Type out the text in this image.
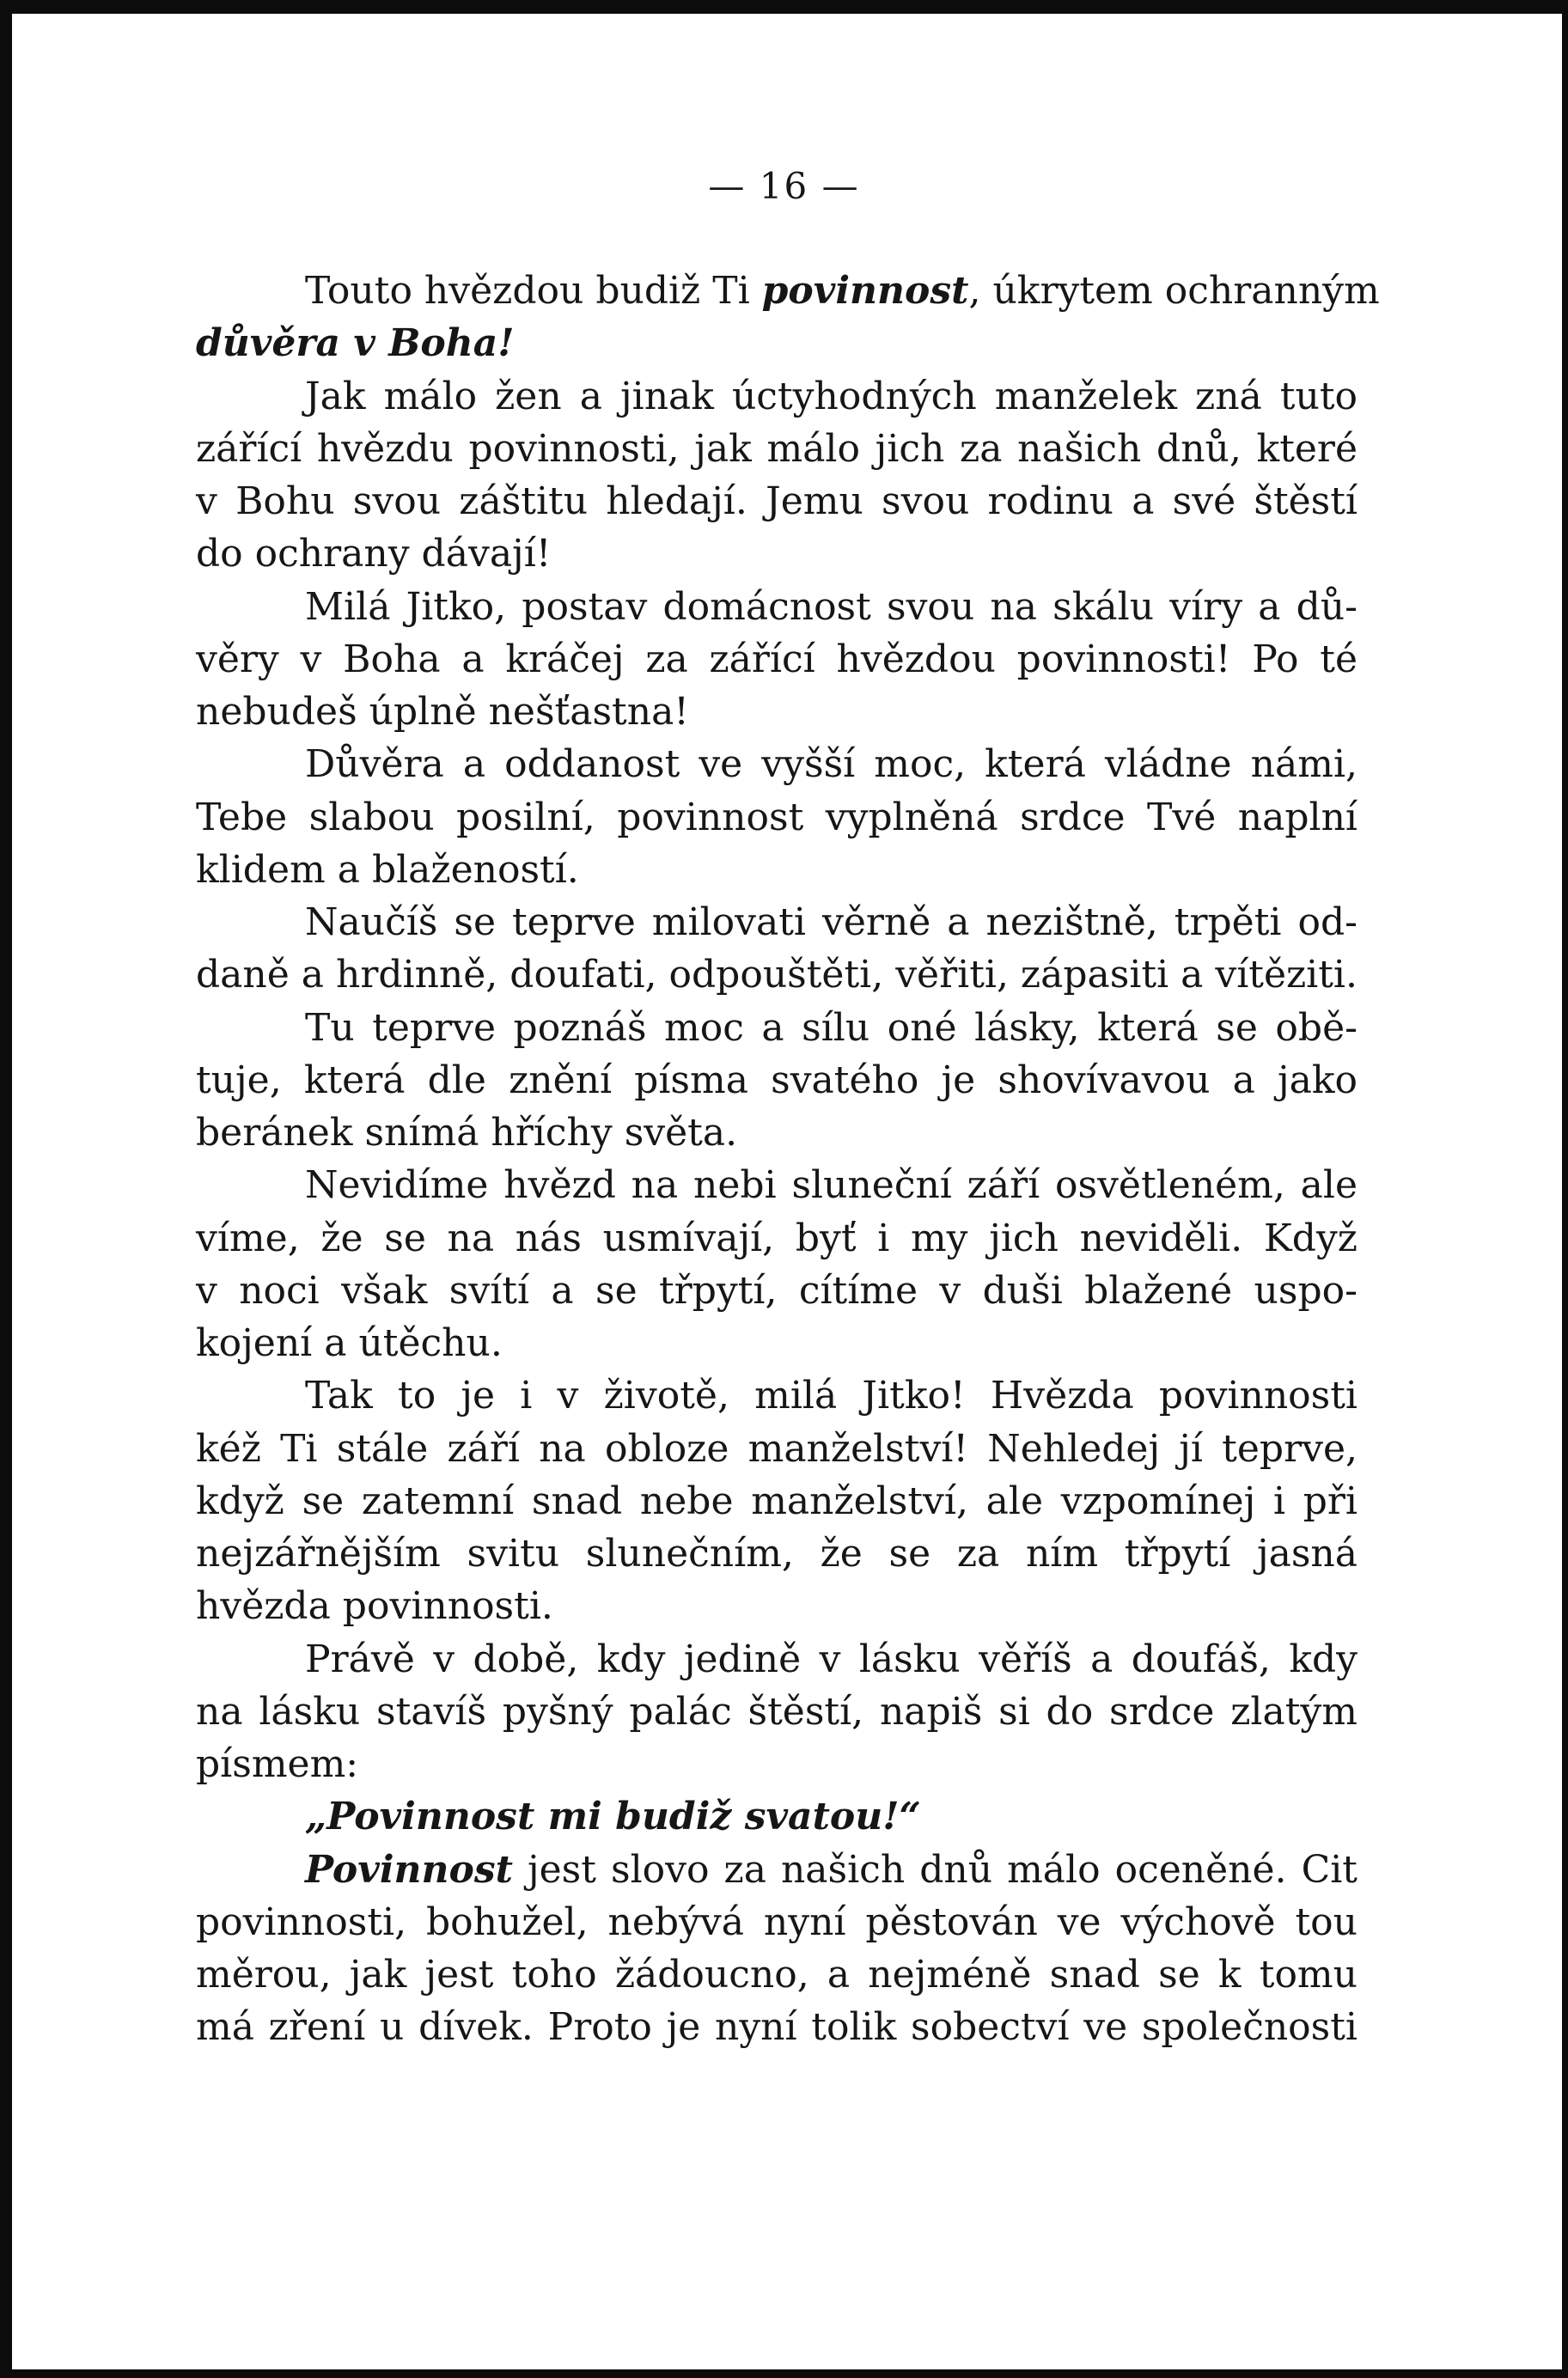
— 16 —
Touto hvězdou budiž Ti povinnost, úkrytem ochranným
důvěra v Boha!
Jak málo žen a jinak úctyhodných manželek zná tuto
zářící hvězdu povinnosti, jak málo jich za našich dnů, které
v Bohu svou záštitu hledají. Jemu svou rodinu a své štěstí
do ochrany dávají!
Milá Jitko, postav domácnost svou na skálu víry a dů-
věry v Boha a kráčej za zářící hvězdou povinnosti! Po té
nebudeš úplně nešťastna!
Důvěra a oddanost ve vyšší moc, která vládne námi,
Tebe slabou posilní, povinnost vyplněná srdce Tvé naplní
klidem a blažeností.
Naučíš se teprve milovati věrně a nezištně, trpěti od-
daně a hrdinně, doufati, odpouštěti, věřiti, zápasiti a vítěziti.
Tu teprve poznáš moc a sílu oné lásky, která se obě-
tuje, která dle znění písma svatého je shovívavou a jako
beránek snímá hříchy světa.
Nevidíme hvězd na nebi sluneční září osvětleném, ale
víme, že se na nás usmívají, byť i my jich neviděli. Když
v noci však svítí a se třpytí, cítíme v duši blažené uspo-
kojení a útěchu.
Tak to je i v životě, milá Jitko! Hvězda povinnosti
kéž Ti stále září na obloze manželství! Nehledej jí teprve,
když se zatemní snad nebe manželství, ale vzpomínej i při
nejzářnějším svitu slunečním, že se za ním třpytí jasná
hvězda povinnosti.
Právě v době, kdy jedině v lásku věříš a doufáš, kdy
na lásku stavíš pyšný palác štěstí, napiš si do srdce zlatým
písmem:
„Povinnost mi budiž svatou!“
Povinnost jest slovo za našich dnů málo oceněné. Cit
povinnosti, bohužel, nebývá nyní pěstován ve výchově tou
měrou, jak jest toho žádoucno, a nejméně snad se k tomu
má zření u dívek. Proto je nyní tolik sobectví ve společnosti
